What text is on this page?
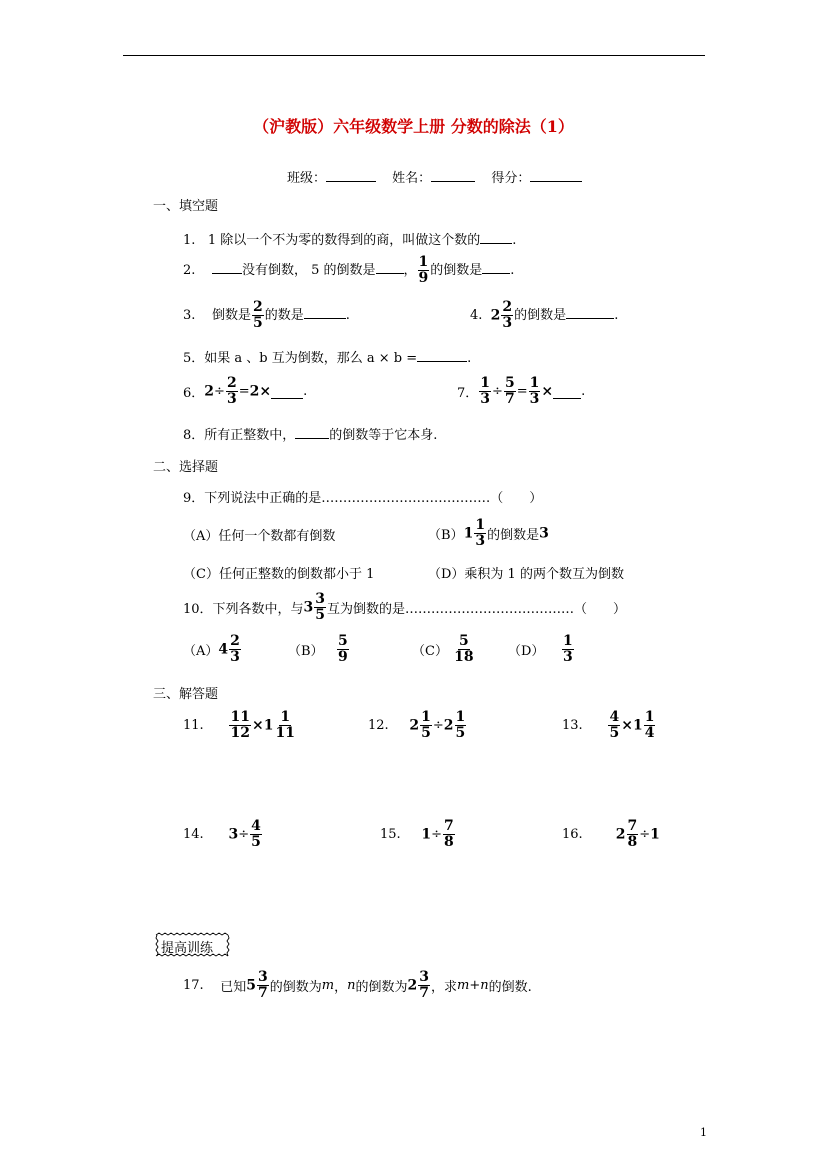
（沪教版）六年级数学上册 分数的除法（1）
班级：	姓名：	得分：
一、填空题
1. 1 除以一个不为零的数得到的商，叫做这个数的 .
2.	没有倒数， 5 的倒数是 ， $\frac{1}{9}$ 的倒数是 .
3. 倒数是 $\frac{2}{5}$ 的数是	.	4. $2 \frac{2}{3}$ 的倒数是	.
5．如果 a 、b 互为倒数，那么 a × b =	.
6．$2\div \frac{2}{3} =2\times$ .	7． $\frac{1}{3} \div \frac{5}{7} = \frac{1}{3}$ × .
8．所有正整数中，	的倒数等于它本身.
二、选择题
9．下列说法中正确的是…………………………………（　　）
（A）任何一个数都有倒数	$(B)1 \frac{1}{3}$ 的倒数是3
（C）任何正整数的倒数都小于 1	（D）乘积为 1 的两个数互为倒数
10．下列各数中，与$3 \frac{3}{5}$ 互为倒数的是…………………………………（　　）
$(A)4 \frac{2}{3}$	$(B) \frac{5}{9}$	$(C) \frac{5}{18}$	$(D) \frac{1}{3}$
三、解答题
11. $\frac{11}{12} \times 1 \frac{1}{11}$	12. $2 \frac{1}{5} \div 2 \frac{1}{5}$	13. $\frac{4}{5} \times 1 \frac{1}{4}$
14. $3\div \frac{4}{5}$	15. $1\div \frac{7}{8}$	16. $2 \frac{7}{8} \div 1$
提高训练
17. 已知$5 \frac{3}{7}$ 的倒数为m，n的倒数为$2 \frac{3}{7}$ ，求m+n的倒数.
1
